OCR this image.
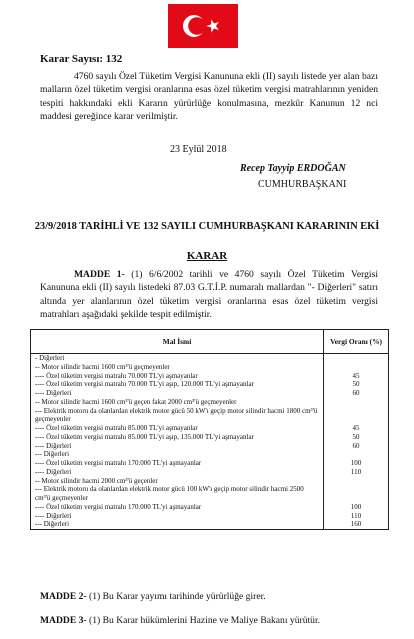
Karar Sayısı: 132
4760 sayılı Özel Tüketim Vergisi Kanununa ekli (II) sayılı listede yer alan bazı malların özel tüketim vergisi oranlarına esas özel tüketim vergisi matrahlarının yeniden tespiti hakkındaki ekli Kararın yürürlüğe konulmasına, mezkûr Kanunun 12 nci maddesi gereğince karar verilmiştir.
23 Eylül 2018
Recep Tayyip ERDOĞAN
CUMHURBAŞKANI
23/9/2018 TARİHLİ VE 132 SAYILI CUMHURBAŞKANI KARARININ EKİ
KARAR
MADDE 1- (1) 6/6/2002 tarihli ve 4760 sayılı Özel Tüketim Vergisi Kanununa ekli (II) sayılı listedeki 87.03 G.T.İ.P. numaralı mallardan "- Diğerleri" satırı altında yer alanlarının özel tüketim vergisi oranlarına esas özel tüketim vergisi matrahları aşağıdaki şekilde tespit edilmiştir.
Mal İsmi	Vergi Oranı (%)
- Diğerleri	
-- Motor silindir hacmi 1600 cm³'ü geçmeyenler	
---- Özel tüketim vergisi matrahı 70.000 TL'yi aşmayanlar	45
---- Özel tüketim vergisi matrahı 70.000 TL'yi aşıp, 120.000 TL'yi aşmayanlar	50
---- Diğerleri	60
-- Motor silindir hacmi 1600 cm³'ü geçen fakat 2000 cm³'ü geçmeyenler	
--- Elektrik motoru da olanlardan elektrik motor gücü 50 kW'ı geçip motor silindir hacmi 1800 cm³'ü geçmeyenler	
---- Özel tüketim vergisi matrahı 85.000 TL'yi aşmayanlar	45
---- Özel tüketim vergisi matrahı 85.000 TL'yi aşıp, 135.000 TL'yi aşmayanlar	50
---- Diğerleri	60
--- Diğerleri	
---- Özel tüketim vergisi matrahı 170.000 TL'yi aşmayanlar	100
---- Diğerleri	110
-- Motor silindir hacmi 2000 cm³'ü geçenler	
--- Elektrik motoru da olanlardan elektrik motor gücü 100 kW'ı geçip motor silindir hacmi 2500 cm³'ü geçmeyenler	
---- Özel tüketim vergisi matrahı 170.000 TL'yi aşmayanlar	100
---- Diğerleri	110
--- Diğerleri	160
MADDE 2- (1) Bu Karar yayımı tarihinde yürürlüğe girer.
MADDE 3- (1) Bu Karar hükümlerini Hazine ve Maliye Bakanı yürütür.
